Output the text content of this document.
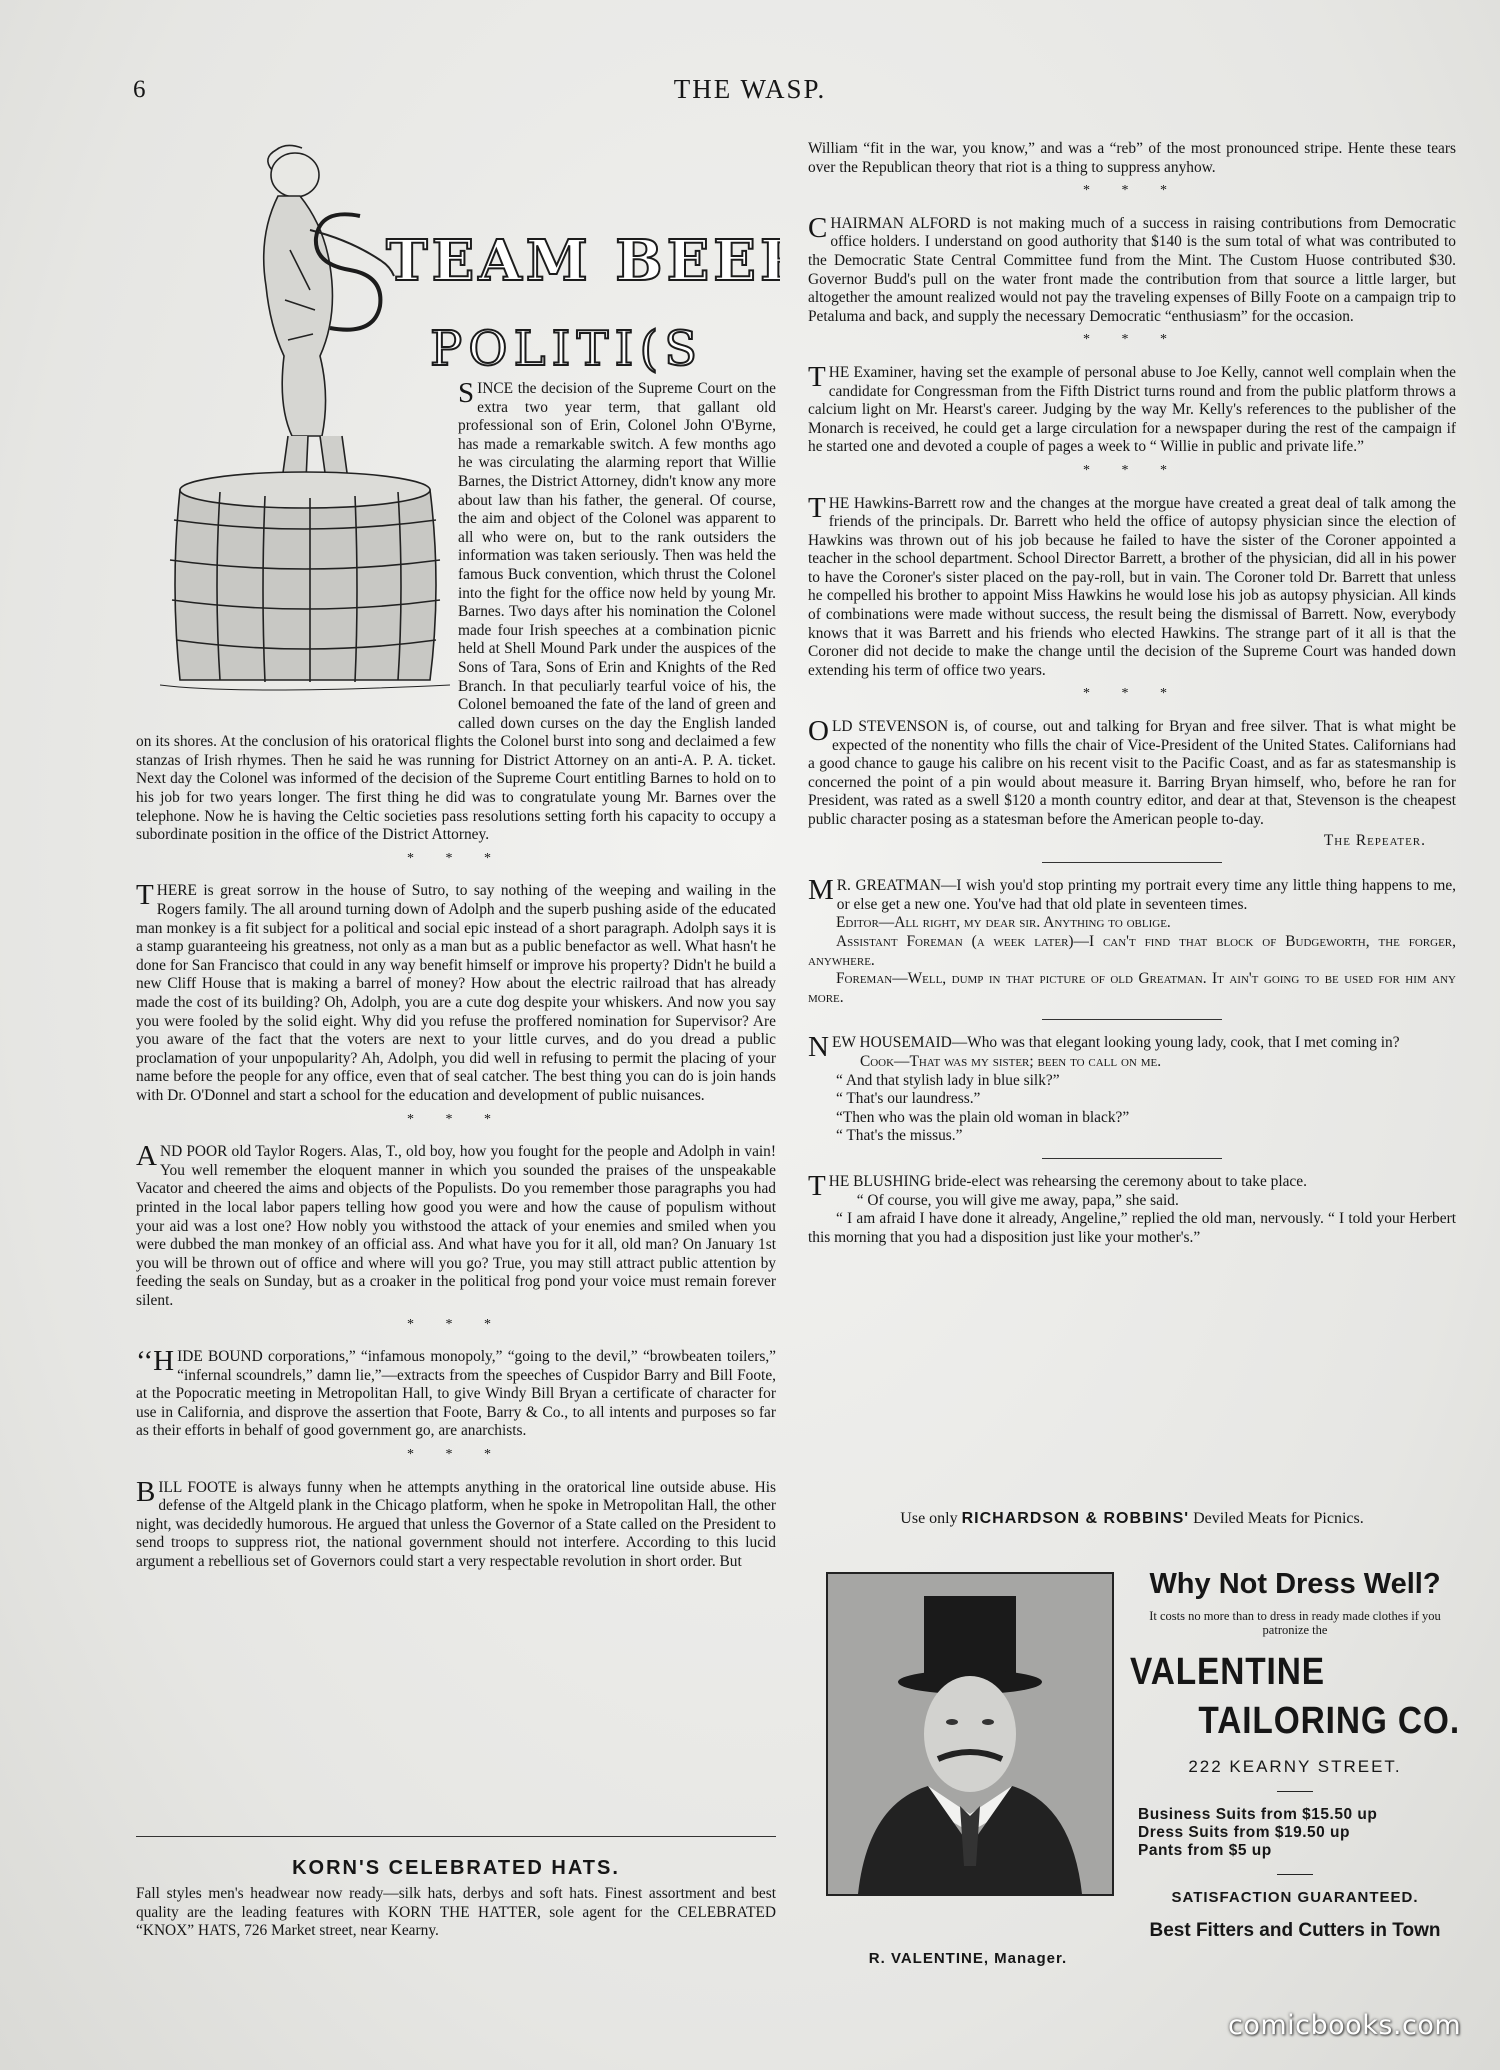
6	THE WASP.
TEAM BEER
POLITI(S

SINCE the decision of the Supreme Court on the extra two year term, that gallant old professional son of Erin, Colonel John O'Byrne, has made a remarkable switch. A few months ago he was circulating the alarming report that Willie Barnes, the District Attorney, didn't know any more about law than his father, the general. Of course, the aim and object of the Colonel was apparent to all who were on, but to the rank outsiders the information was taken seriously. Then was held the famous Buck convention, which thrust the Colonel into the fight for the office now held by young Mr. Barnes. Two days after his nomination the Colonel made four Irish speeches at a combination picnic held at Shell Mound Park under the auspices of the Sons of Tara, Sons of Erin and Knights of the Red Branch. In that peculiarly tearful voice of his, the Colonel bemoaned the fate of the land of green and called down curses on the day the English landed on its shores. At the conclusion of his oratorical flights the Colonel burst into song and declaimed a few stanzas of Irish rhymes. Then he said he was running for District Attorney on an anti-A. P. A. ticket. Next day the Colonel was informed of the decision of the Supreme Court entitling Barnes to hold on to his job for two years longer. The first thing he did was to congratulate young Mr. Barnes over the telephone. Now he is having the Celtic societies pass resolutions setting forth his capacity to occupy a subordinate position in the office of the District Attorney.

* * *

THERE is great sorrow in the house of Sutro, to say nothing of the weeping and wailing in the Rogers family. The all around turning down of Adolph and the superb pushing aside of the educated man monkey is a fit subject for a political and social epic instead of a short paragraph. Adolph says it is a stamp guaranteeing his greatness, not only as a man but as a public benefactor as well. What hasn't he done for San Francisco that could in any way benefit himself or improve his property? Didn't he build a new Cliff House that is making a barrel of money? How about the electric railroad that has already made the cost of its building? Oh, Adolph, you are a cute dog despite your whiskers. And now you say you were fooled by the solid eight. Why did you refuse the proffered nomination for Supervisor? Are you aware of the fact that the voters are next to your little curves, and do you dread a public proclamation of your unpopularity? Ah, Adolph, you did well in refusing to permit the placing of your name before the people for any office, even that of seal catcher. The best thing you can do is join hands with Dr. O'Donnel and start a school for the education and development of public nuisances.

* * *

AND POOR old Taylor Rogers. Alas, T., old boy, how you fought for the people and Adolph in vain! You well remember the eloquent manner in which you sounded the praises of the unspeakable Vacator and cheered the aims and objects of the Populists. Do you remember those paragraphs you had printed in the local labor papers telling how good you were and how the cause of populism without your aid was a lost one? How nobly you withstood the attack of your enemies and smiled when you were dubbed the man monkey of an official ass. And what have you for it all, old man? On January 1st you will be thrown out of office and where will you go? True, you may still attract public attention by feeding the seals on Sunday, but as a croaker in the political frog pond your voice must remain forever silent.

* * *

‘‘H IDE BOUND corporations,” “infamous monopoly,” “going to the devil,” “browbeaten toilers,” “infernal scoundrels,” damn lie,”—extracts from the speeches of Cuspidor Barry and Bill Foote, at the Popocratic meeting in Metropolitan Hall, to give Windy Bill Bryan a certificate of character for use in California, and disprove the assertion that Foote, Barry & Co., to all intents and purposes so far as their efforts in behalf of good government go, are anarchists.

* * *

BILL FOOTE is always funny when he attempts anything in the oratorical line outside abuse. His defense of the Altgeld plank in the Chicago platform, when he spoke in Metropolitan Hall, the other night, was decidedly humorous. He argued that unless the Governor of a State called on the President to send troops to suppress riot, the national government should not interfere. According to this lucid argument a rebellious set of Governors could start a very respectable revolution in short order. But

KORN'S CELEBRATED HATS.
Fall styles men's headwear now ready—silk hats, derbys and soft hats. Finest assortment and best quality are the leading features with KORN THE HATTER, sole agent for the CELEBRATED “KNOX” HATS, 726 Market street, near Kearny.

William “fit in the war, you know,” and was a “reb” of the most pronounced stripe. Hente these tears over the Republican theory that riot is a thing to suppress anyhow.

* * *

CHAIRMAN ALFORD is not making much of a success in raising contributions from Democratic office holders. I understand on good authority that $140 is the sum total of what was contributed to the Democratic State Central Committee fund from the Mint. The Custom Huose contributed $30. Governor Budd's pull on the water front made the contribution from that source a little larger, but altogether the amount realized would not pay the traveling expenses of Billy Foote on a campaign trip to Petaluma and back, and supply the necessary Democratic “enthusiasm” for the occasion.

* * *

THE Examiner, having set the example of personal abuse to Joe Kelly, cannot well complain when the candidate for Congressman from the Fifth District turns round and from the public platform throws a calcium light on Mr. Hearst's career. Judging by the way Mr. Kelly's references to the publisher of the Monarch is received, he could get a large circulation for a newspaper during the rest of the campaign if he started one and devoted a couple of pages a week to “ Willie in public and private life.”

* * *

THE Hawkins-Barrett row and the changes at the morgue have created a great deal of talk among the friends of the principals. Dr. Barrett who held the office of autopsy physician since the election of Hawkins was thrown out of his job because he failed to have the sister of the Coroner appointed a teacher in the school department. School Director Barrett, a brother of the physician, did all in his power to have the Coroner's sister placed on the pay-roll, but in vain. The Coroner told Dr. Barrett that unless he compelled his brother to appoint Miss Hawkins he would lose his job as autopsy physician. All kinds of combinations were made without success, the result being the dismissal of Barrett. Now, everybody knows that it was Barrett and his friends who elected Hawkins. The strange part of it all is that the Coroner did not decide to make the change until the decision of the Supreme Court was handed down extending his term of office two years.

* * *

OLD STEVENSON is, of course, out and talking for Bryan and free silver. That is what might be expected of the nonentity who fills the chair of Vice-President of the United States. Californians had a good chance to gauge his calibre on his recent visit to the Pacific Coast, and as far as statesmanship is concerned the point of a pin would about measure it. Barring Bryan himself, who, before he ran for President, was rated as a swell $120 a month country editor, and dear at that, Stevenson is the cheapest public character posing as a statesman before the American people to-day.

The Repeater.

M R. GREATMAN—I wish you'd stop printing my portrait every time any little thing happens to me, or else get a new one. You've had that old plate in seventeen times.

Editor—All right, my dear sir. Anything to oblige.

Assistant Foreman (a week later)—I can't find that block of Budgeworth, the forger, anywhere.

Foreman—Well, dump in that picture of old Greatman. It ain't going to be used for him any more.

NEW HOUSEMAID—Who was that elegant looking young lady, cook, that I met coming in?

Cook—That was my sister; been to call on me.

“ And that stylish lady in blue silk?”

“ That's our laundress.”

“Then who was the plain old woman in black?”

“ That's the missus.”

THE BLUSHING bride-elect was rehearsing the ceremony about to take place.

“ Of course, you will give me away, papa,” she said.

“ I am afraid I have done it already, Angeline,” replied the old man, nervously. “ I told your Herbert this morning that you had a disposition just like your mother's.”

Use only RICHARDSON & ROBBINS' Deviled Meats for Picnics.
R. VALENTINE, Manager.
Why Not Dress Well?
It costs no more than to dress in ready made clothes if you patronize the
VALENTINE
TAILORING CO.
222 KEARNY STREET.
Business Suits from $15.50 up
Dress Suits from $19.50 up
Pants from $5 up
SATISFACTION GUARANTEED.
Best Fitters and Cutters in Town
comicbooks.com
